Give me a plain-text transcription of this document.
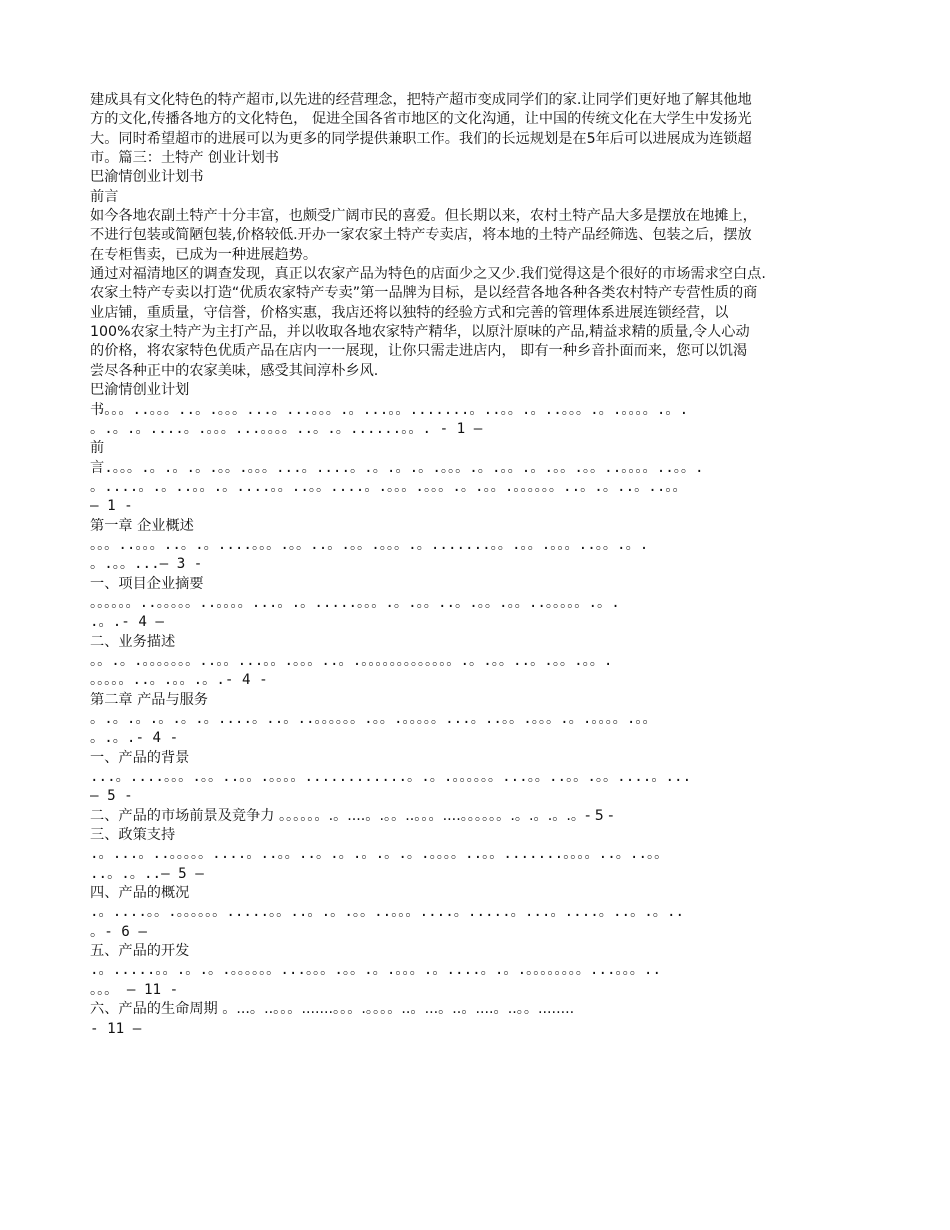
建成具有文化特色的特产超市,以先进的经营理念，把特产超市变成同学们的家.让同学们更好地了解其他地
方的文化,传播各地方的文化特色， 促进全国各省市地区的文化沟通，让中国的传统文化在大学生中发扬光
大。同时希望超市的进展可以为更多的同学提供兼职工作。我们的长远规划是在5年后可以进展成为连锁超
市。篇三：土特产 创业计划书
巴渝情创业计划书
前言
如今各地农副土特产十分丰富，也颇受广阔市民的喜爱。但长期以来，农村土特产品大多是摆放在地摊上，
不进行包装或简陋包装,价格较低.开办一家农家土特产专卖店，将本地的土特产品经筛选、包装之后，摆放
在专柜售卖，已成为一种进展趋势。
通过对福清地区的调查发现，真正以农家产品为特色的店面少之又少.我们觉得这是个很好的市场需求空白点.
农家土特产专卖以打造“优质农家特产专卖”第一品牌为目标，是以经营各地各种各类农村特产专营性质的商
业店铺，重质量，守信誉，价格实惠，我店还将以独特的经验方式和完善的管理体系进展连锁经营，以
100%农家土特产为主打产品，并以收取各地农家特产精华，以原汁原味的产品,精益求精的质量,令人心动
的价格，将农家特色优质产品在店内一一展现，让你只需走进店内， 即有一种乡音扑面而来，您可以饥渴
尝尽各种正中的农家美味，感受其间淳朴乡风.
巴渝情创业计划
书。。。..。。。..。.。。。...。...。。。.。...。。.......。..。。.。..。。。.。.。。。。.。.
。.。.。....。.。。。...。。。。..。.。......。。. - 1 —
前
言.。。。.。.。.。.。。.。。。...。....。.。.。.。.。。。.。.。。.。.。。.。。..。。。。..。。.
。....。.。..。。.。....。。..。。....。.。。。.。。。.。.。。.。。。。。。..。.。..。..。。
— 1 -
第一章 企业概述
。。。..。。。..。.。....。。。.。。..。.。。.。。。.。.......。。.。。.。。。..。。.。.
。.。。...— 3 -
一、项目企业摘要
。。。。。。..。。。。。..。。。。...。.。.....。。。.。.。。..。.。。.。。..。。。。。.。.
.。.- 4 —
二、业务描述
。。.。.。。。。。。。..。。...。。.。。。..。.。。。。。。。。。。。。。.。.。。..。.。。.。。.
。。。。。..。.。。.。.- 4 -
第二章 产品与服务
。.。.。.。.。.。....。..。..。。。。。。.。。.。。。。。...。..。。.。。。.。.。。。。.。。
。.。.- 4 -
一、产品的背景
...。....。。。.。。..。。.。。。。............。.。.。。。。。。...。。..。。.。。....。...
— 5 -
二、产品的市场前景及竞争力 。。。。。。.。....。.。。..。。。....。。。。。。.。.。.。.。- 5 -
三、政策支持
.。...。..。。。。。....。..。。..。.。.。.。.。.。。。。..。。.......。。。。..。..。。
..。.。..— 5 —
四、产品的概况
.。....。。.。。。。。。.....。。..。.。.。。..。。。....。.....。...。....。..。.。..
。- 6 —
五、产品的开发
.。.....。。.。.。.。。。。。。...。。。.。。.。.。。。.。....。.。.。。。。。。。。...。。。..
。。。 — 11 -
六、产品的生命周期 。...。..。。。.......。。。.。。。。..。...。..。....。..。。........
- 11 —
